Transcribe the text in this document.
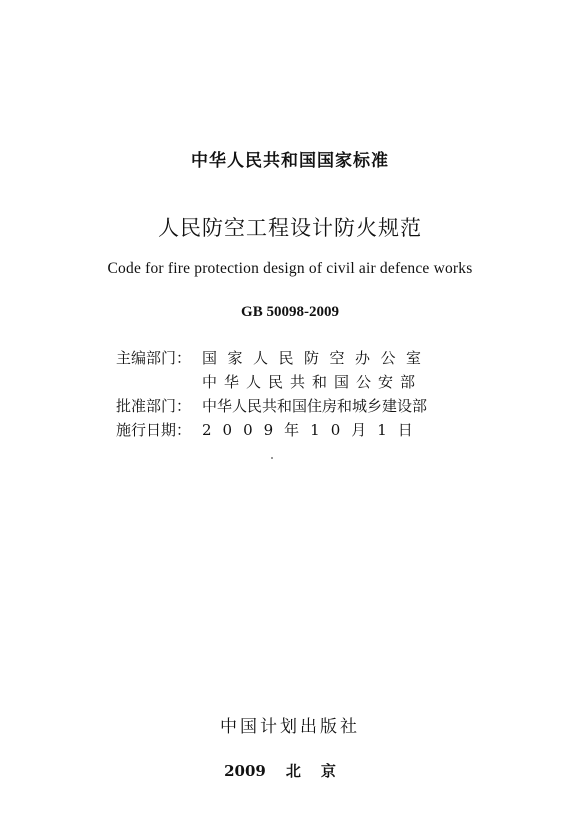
中华人民共和国国家标准
人民防空工程设计防火规范
Code for fire protection design of civil air defence works
GB 50098-2009
主编部门： 国家人民防空办公室
中华人民共和国公安部
批准部门： 中华人民共和国住房和城乡建设部
施行日期： 2009年10月1日
中国计划出版社
2009 北京
